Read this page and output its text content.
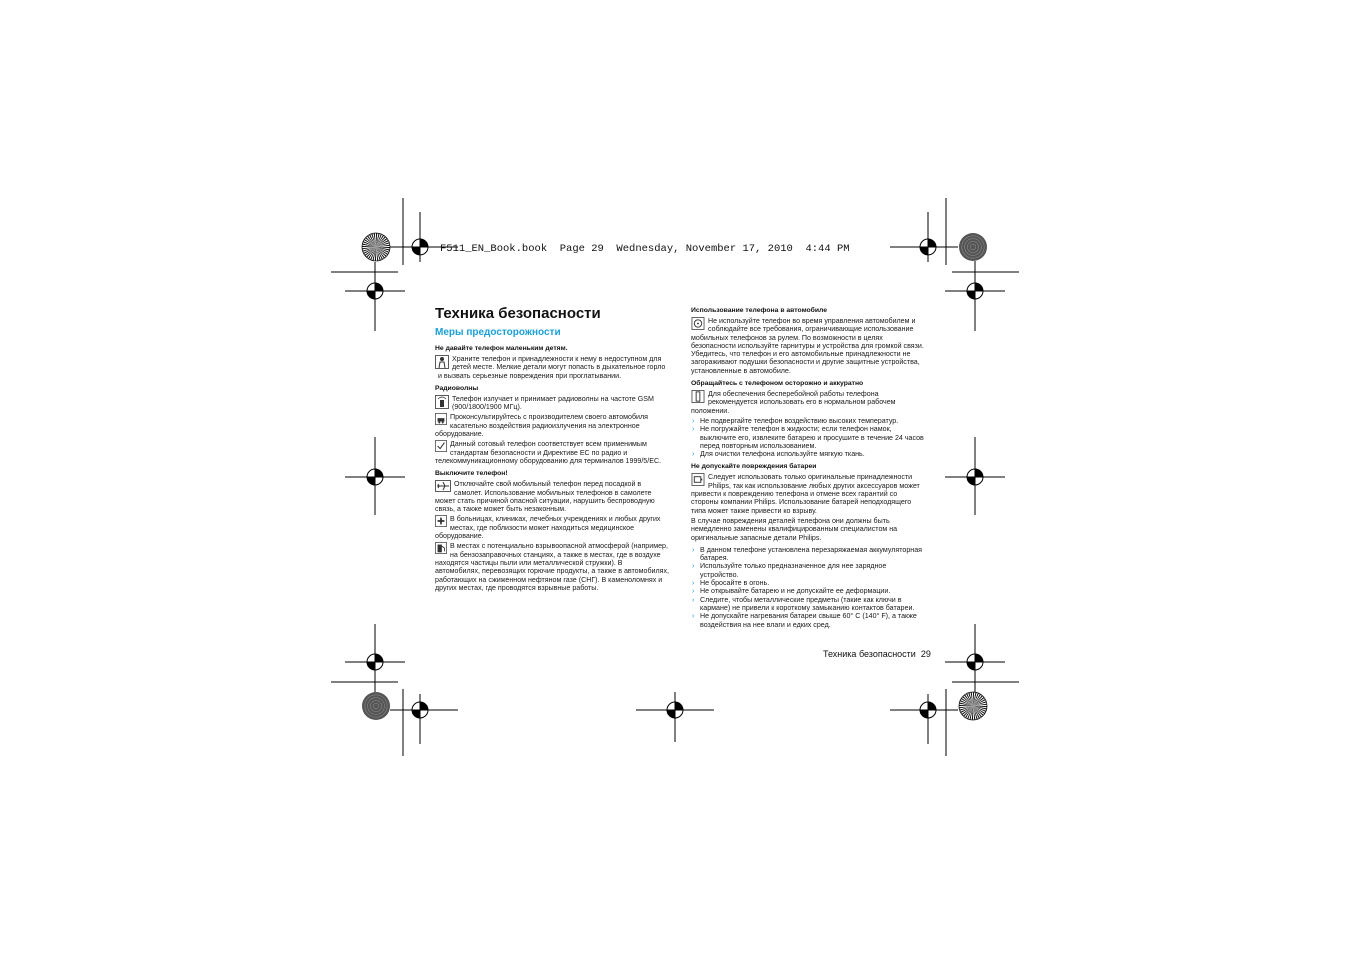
F511_EN_Book.book  Page 29  Wednesday, November 17, 2010  4:44 PM
Техника безопасности
Меры предосторожности
Не давайте телефон маленьким детям.

Храните телефон и принадлежности к нему в недоступном для детей месте. Мелкие детали могут попасть в дыхательное горло и вызвать серьезные повреждения при проглатывании.

Радиоволны

Телефон излучает и принимает радиоволны на частоте GSM (900/1800/1900 МГц).

Проконсультируйтесь с производителем своего автомобиля касательно воздействия радиоизлучения на электронное оборудование.

Данный сотовый телефон соответствует всем применимым стандартам безопасности и Директиве ЕС по радио и телекоммуникационному оборудованию для терминалов 1999/5/ЕС.

Выключите телефон!

Отключайте свой мобильный телефон перед посадкой в самолет. Использование мобильных телефонов в самолете может стать причиной опасной ситуации, нарушить беспроводную связь, а также может быть незаконным.

В больницах, клиниках, лечебных учреждениях и любых других местах, где поблизости может находиться медицинское оборудование.

В местах с потенциально взрывоопасной атмосферой (например, на бензозаправочных станциях, а также в местах, где в воздухе находятся частицы пыли или металлической стружки). В автомобилях, перевозящих горючие продукты, а также в автомобилях, работающих на сжиженном нефтяном газе (СНГ). В каменоломнях и других местах, где проводятся взрывные работы.

Использование телефона в автомобиле

Не используйте телефон во время управления автомобилем и соблюдайте все требования, ограничивающие использование мобильных телефонов за рулем. По возможности в целях безопасности используйте гарнитуры и устройства для громкой связи. Убедитесь, что телефон и его автомобильные принадлежности не загораживают подушки безопасности и другие защитные устройства, установленные в автомобиле.

Обращайтесь с телефоном осторожно и аккуратно

Для обеспечения бесперебойной работы телефона рекомендуется использовать его в нормальном рабочем положении.

› Не подвергайте телефон воздействию высоких температур.
› Не погружайте телефон в жидкости; если телефон намок, выключите его, извлеките батарею и просушите в течение 24 часов перед повторным использованием.
› Для очистки телефона используйте мягкую ткань.
Не допускайте повреждения батареи

Следует использовать только оригинальные принадлежности Philips, так как использование любых других аксессуаров может привести к повреждению телефона и отмене всех гарантий со стороны компании Philips. Использование батарей неподходящего типа может также привести ко взрыву.

В случае повреждения деталей телефона они должны быть немедленно заменены квалифицированным специалистом на оригинальные запасные детали Philips.

› В данном телефоне установлена перезаряжаемая аккумуляторная батарея.
› Используйте только предназначенное для нее зарядное устройство.
› Не бросайте в огонь.
› Не открывайте батарею и не допускайте ее деформации.
› Следите, чтобы металлические предметы (такие как ключи в кармане) не привели к короткому замыканию контактов батареи.
› Не допускайте нагревания батареи свыше 60° C (140° F), а также воздействия на нее влаги и едких сред.
Техника безопасности 29
